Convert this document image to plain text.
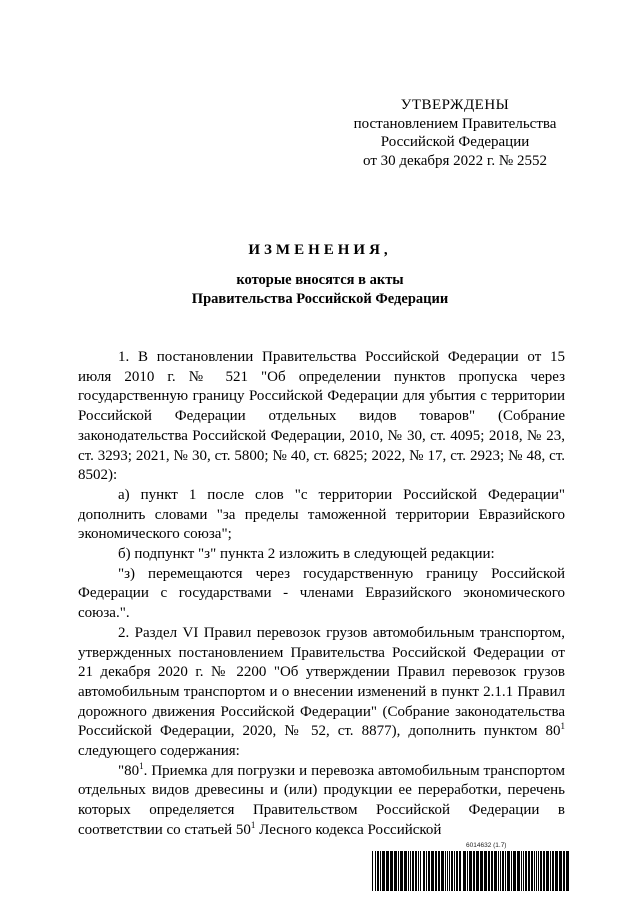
УТВЕРЖДЕНЫ
постановлением Правительства
Российской Федерации
от 30 декабря 2022 г. № 2552
ИЗМЕНЕНИЯ,
которые вносятся в акты
Правительства Российской Федерации

1. В постановлении Правительства Российской Федерации от 15 июля 2010 г. № 521 "Об определении пунктов пропуска через государственную границу Российской Федерации для убытия с территории Российской Федерации отдельных видов товаров" (Собрание законодательства Российской Федерации, 2010, № 30, ст. 4095; 2018, № 23, ст. 3293; 2021, № 30, ст. 5800; № 40, ст. 6825; 2022, № 17, ст. 2923; № 48, ст. 8502):

а) пункт 1 после слов "с территории Российской Федерации" дополнить словами "за пределы таможенной территории Евразийского экономического союза";

б) подпункт "з" пункта 2 изложить в следующей редакции:

"з) перемещаются через государственную границу Российской Федерации с государствами - членами Евразийского экономического союза.".

2. Раздел VI Правил перевозок грузов автомобильным транспортом, утвержденных постановлением Правительства Российской Федерации от 21 декабря 2020 г. № 2200 "Об утверждении Правил перевозок грузов автомобильным транспортом и о внесении изменений в пункт 2.1.1 Правил дорожного движения Российской Федерации" (Собрание законодательства Российской Федерации, 2020, № 52, ст. 8877), дополнить пунктом $80^1$ следующего содержания:

"$80^1$. Приемка для погрузки и перевозка автомобильным транспортом отдельных видов древесины и (или) продукции ее переработки, перечень которых определяется Правительством Российской Федерации в соответствии со статьей $50^1$ Лесного кодекса Российской

6014632 (1.7)
